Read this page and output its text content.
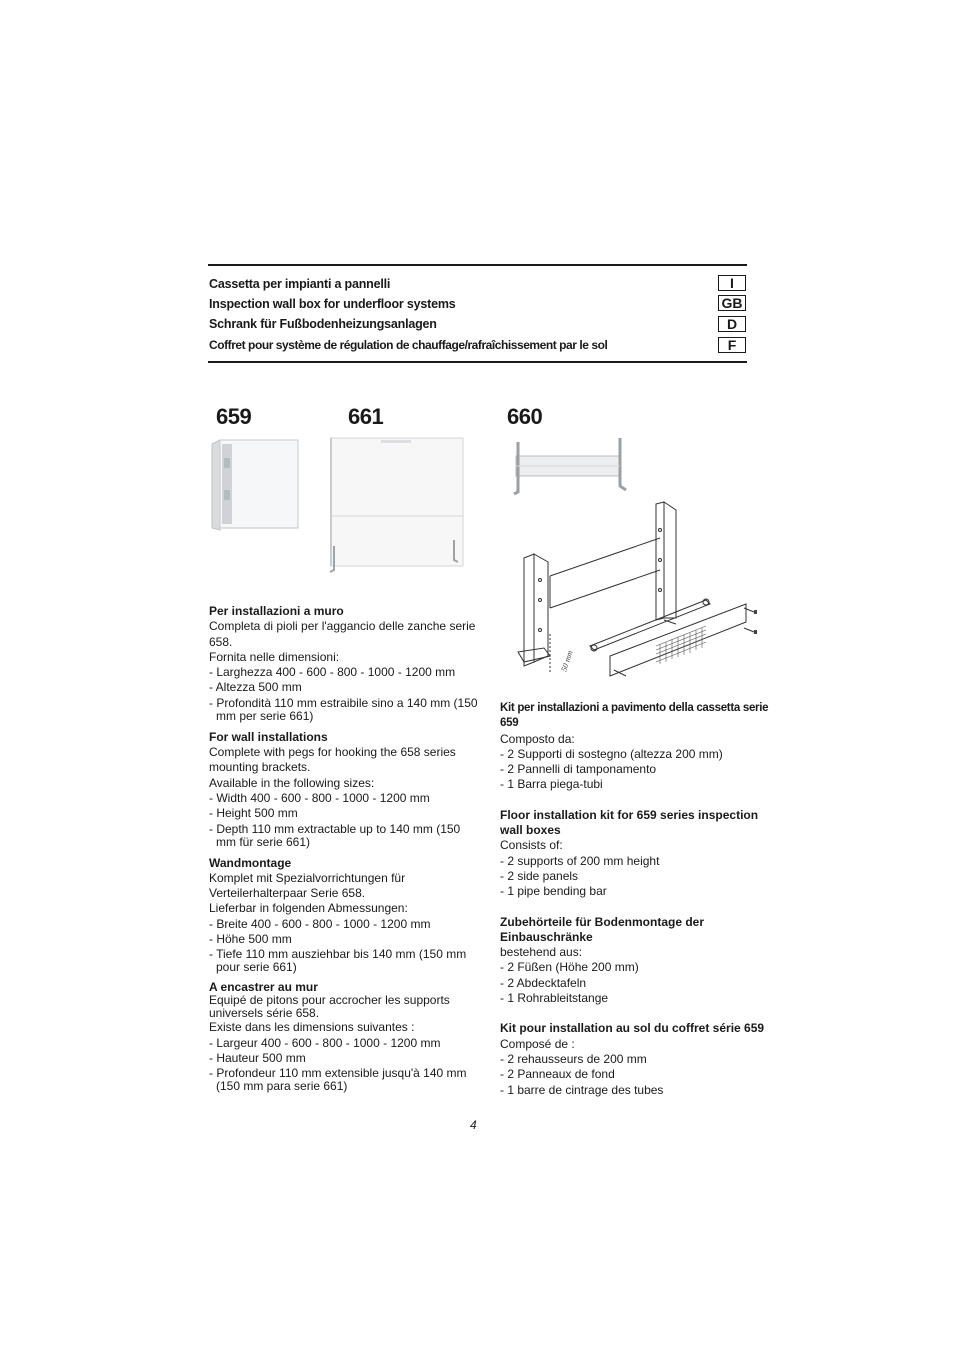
Cassetta per impianti a pannelli
Inspection wall box for underfloor systems
Schrank für Fußbodenheizungsanlagen
Coffret pour système de régulation de chauffage/rafraîchissement par le sol
I
GB
D
F
659	661	660
50 mm

Per installazioni a muro

Completa di pioli per l'aggancio delle zanche serie 658.

Fornita nelle dimensioni:

- Larghezza 400 - 600 - 800 - 1000 - 1200 mm

- Altezza 500 mm

- Profondità 110 mm estraibile sino a 140 mm (150 mm per serie 661)

For wall installations

Complete with pegs for hooking the 658 series mounting brackets.

Available in the following sizes:

- Width 400 - 600 - 800 - 1000 - 1200 mm

- Height 500 mm

- Depth 110 mm extractable up to 140 mm (150 mm für serie 661)

Wandmontage

Komplet mit Spezialvorrichtungen für Verteilerhalterpaar Serie 658.

Lieferbar in folgenden Abmessungen:

- Breite 400 - 600 - 800 - 1000 - 1200 mm

- Höhe 500 mm

- Tiefe 110 mm ausziehbar bis 140 mm (150 mm pour serie 661)

A encastrer au mur

Equipé de pitons pour accrocher les supports universels série 658.

Existe dans les dimensions suivantes :

- Largeur 400 - 600 - 800 - 1000 - 1200 mm

- Hauteur 500 mm

- Profondeur 110 mm extensible jusqu'à 140 mm (150 mm para serie 661)

Kit per installazioni a pavimento della cassetta serie 659

Composto da:

- 2 Supporti di sostegno (altezza 200 mm)

- 2 Pannelli di tamponamento

- 1 Barra piega-tubi

Floor installation kit for 659 series inspection wall boxes

Consists of:

- 2 supports of 200 mm height

- 2 side panels

- 1 pipe bending bar

Zubehörteile für Bodenmontage der Einbauschränke

bestehend aus:

- 2 Füßen (Höhe 200 mm)

- 2 Abdecktafeln

- 1 Rohrableitstange

Kit pour installation au sol du coffret série 659

Composé de :

- 2 rehausseurs de 200 mm

- 2 Panneaux de fond

- 1 barre de cintrage des tubes

4
